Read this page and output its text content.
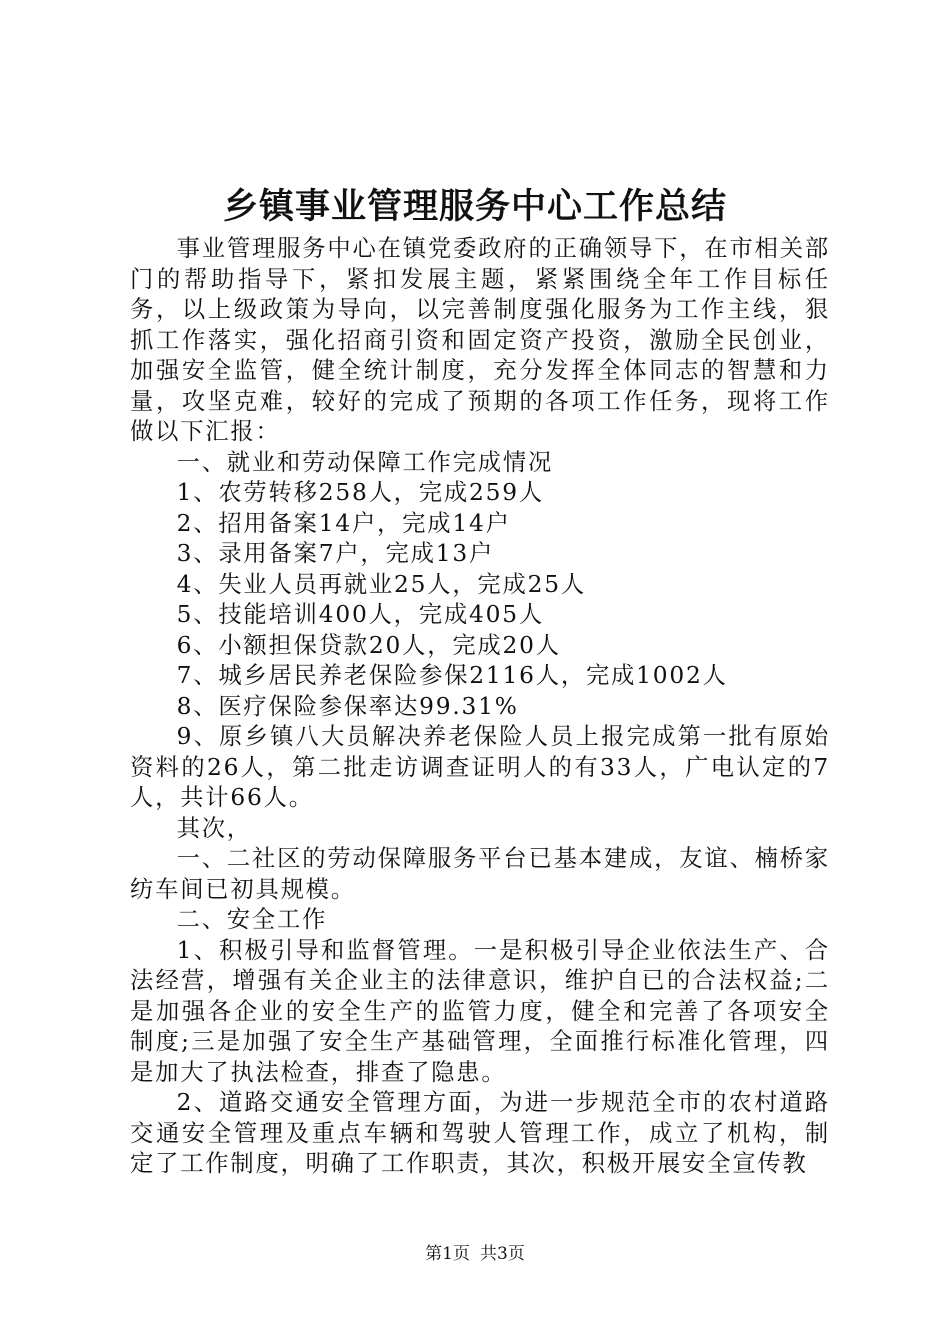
乡镇事业管理服务中心工作总结

事业管理服务中心在镇党委政府的正确领导下，在市相关部门的帮助指导下，紧扣发展主题，紧紧围绕全年工作目标任务，以上级政策为导向，以完善制度强化服务为工作主线，狠抓工作落实，强化招商引资和固定资产投资，激励全民创业，加强安全监管，健全统计制度，充分发挥全体同志的智慧和力量，攻坚克难，较好的完成了预期的各项工作任务，现将工作做以下汇报：

一、就业和劳动保障工作完成情况

1、农劳转移258人，完成259人

2、招用备案14户，完成14户

3、录用备案7户，完成13户

4、失业人员再就业25人，完成25人

5、技能培训400人，完成405人

6、小额担保贷款20人，完成20人

7、城乡居民养老保险参保2116人，完成1002人

8、医疗保险参保率达99.31%

9、原乡镇八大员解决养老保险人员上报完成第一批有原始资料的26人，第二批走访调查证明人的有33人，广电认定的7人，共计66人。

其次，

一、二社区的劳动保障服务平台已基本建成，友谊、楠桥家纺车间已初具规模。

二、安全工作

1、积极引导和监督管理。一是积极引导企业依法生产、合法经营，增强有关企业主的法律意识，维护自已的合法权益;二是加强各企业的安全生产的监管力度，健全和完善了各项安全制度;三是加强了安全生产基础管理，全面推行标准化管理，四是加大了执法检查，排查了隐患。

2、道路交通安全管理方面，为进一步规范全市的农村道路交通安全管理及重点车辆和驾驶人管理工作，成立了机构，制定了工作制度，明确了工作职责，其次，积极开展安全宣传教

第1页 共3页
